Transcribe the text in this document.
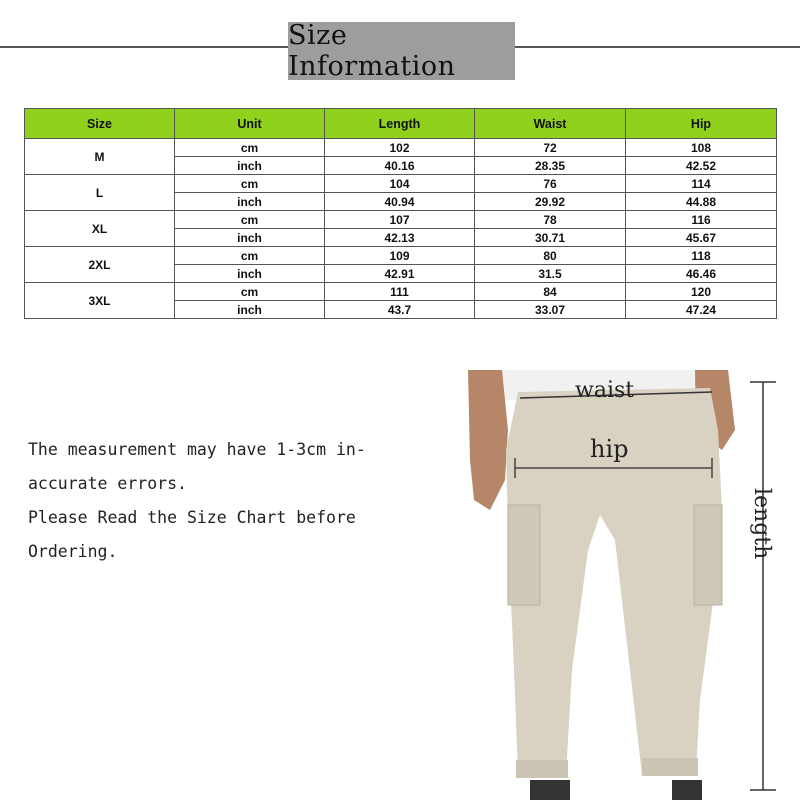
Size Information
Size	Unit	Length	Waist	Hip
M	cm	102	72	108
	inch	40.16	28.35	42.52
L	cm	104	76	114
	inch	40.94	29.92	44.88
XL	cm	107	78	116
	inch	42.13	30.71	45.67
2XL	cm	109	80	118
	inch	42.91	31.5	46.46
3XL	cm	111	84	120
	inch	43.7	33.07	47.24
The measurement may have 1-3cm in-
accurate errors.
Please Read the Size Chart before
Ordering.
waist
hip
length
